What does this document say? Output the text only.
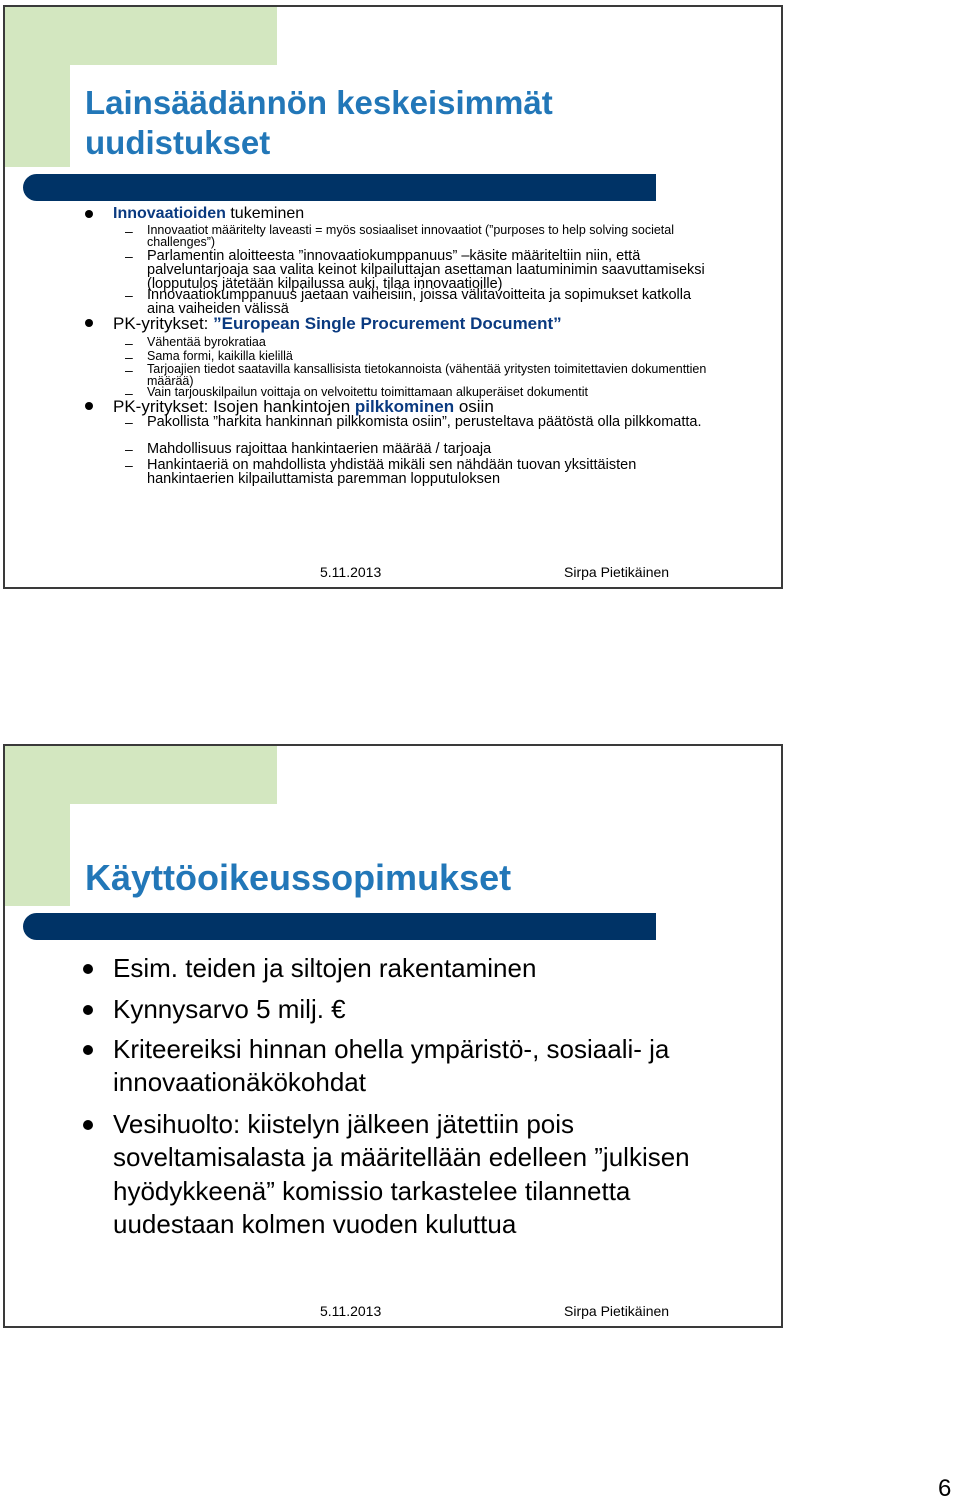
Lainsäädännön keskeisimmät
uudistukset
Innovaatioiden tukeminen
– Innovaatiot määritelty laveasti = myös sosiaaliset innovaatiot (”purposes to help solving societal challenges”)
– Parlamentin aloitteesta ”innovaatiokumppanuus” –käsite määriteltiin niin, että palveluntarjoaja saa valita keinot kilpailuttajan asettaman laatuminimin saavuttamiseksi (lopputulos jätetään kilpailussa auki, tilaa innovaatioille)
– Innovaatiokumppanuus jaetaan vaiheisiin, joissa välitavoitteita ja sopimukset katkolla aina vaiheiden välissä
PK-yritykset: ”European Single Procurement Document”
– Vähentää byrokratiaa
– Sama formi, kaikilla kielillä
– Tarjoajien tiedot saatavilla kansallisista tietokannoista (vähentää yritysten toimitettavien dokumenttien määrää)
– Vain tarjouskilpailun voittaja on velvoitettu toimittamaan alkuperäiset dokumentit
PK-yritykset: Isojen hankintojen pilkkominen osiin
– Pakollista ”harkita hankinnan pilkkomista osiin”, perusteltava päätöstä olla pilkkomatta.
– Mahdollisuus rajoittaa hankintaerien määrää / tarjoaja
– Hankintaeriä on mahdollista yhdistää mikäli sen nähdään tuovan yksittäisten hankintaerien kilpailuttamista paremman lopputuloksen
5.11.2013	Sirpa Pietikäinen
Käyttöoikeussopimukset
Esim. teiden ja siltojen rakentaminen
Kynnysarvo 5 milj. €
Kriteereiksi hinnan ohella ympäristö-, sosiaali- ja innovaationäkökohdat
Vesihuolto: kiistelyn jälkeen jätettiin pois soveltamisalasta ja määritellään edelleen ”julkisen hyödykkeenä” komissio tarkastelee tilannetta uudestaan kolmen vuoden kuluttua
5.11.2013	Sirpa Pietikäinen
6
